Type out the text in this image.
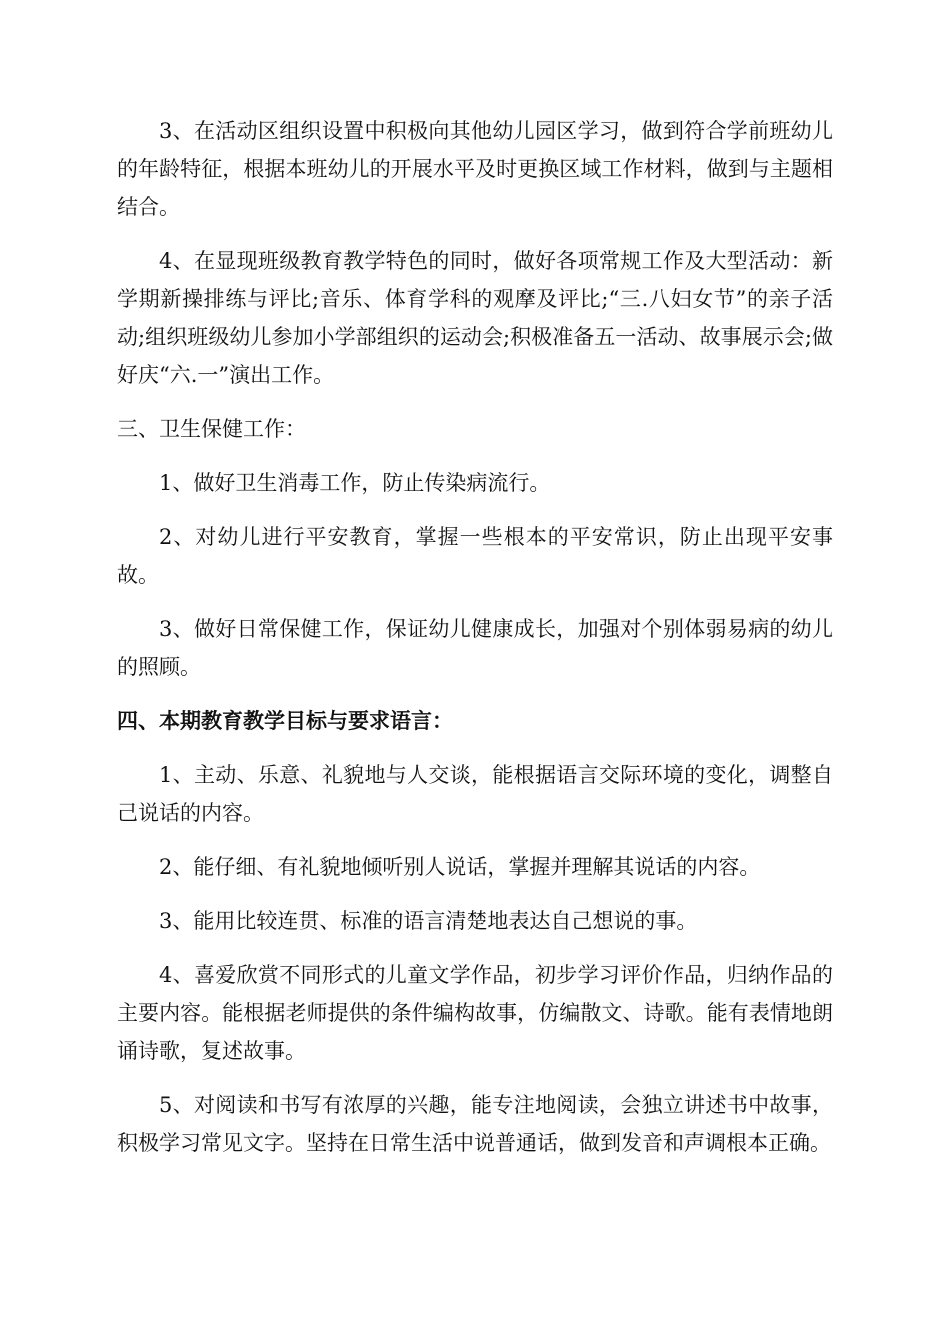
3、在活动区组织设置中积极向其他幼儿园区学习，做到符合学前班幼儿的年龄特征，根据本班幼儿的开展水平及时更换区域工作材料，做到与主题相结合。

4、在显现班级教育教学特色的同时，做好各项常规工作及大型活动：新学期新操排练与评比;音乐、体育学科的观摩及评比;“三.八妇女节”的亲子活动;组织班级幼儿参加小学部组织的运动会;积极准备五一活动、故事展示会;做好庆“六.一”演出工作。

三、卫生保健工作：

1、做好卫生消毒工作，防止传染病流行。

2、对幼儿进行平安教育，掌握一些根本的平安常识，防止出现平安事故。

3、做好日常保健工作，保证幼儿健康成长，加强对个别体弱易病的幼儿的照顾。

四、本期教育教学目标与要求语言：

1、主动、乐意、礼貌地与人交谈，能根据语言交际环境的变化，调整自己说话的内容。

2、能仔细、有礼貌地倾听别人说话，掌握并理解其说话的内容。

3、能用比较连贯、标准的语言清楚地表达自己想说的事。

4、喜爱欣赏不同形式的儿童文学作品，初步学习评价作品，归纳作品的主要内容。能根据老师提供的条件编构故事，仿编散文、诗歌。能有表情地朗诵诗歌，复述故事。

5、对阅读和书写有浓厚的兴趣，能专注地阅读，会独立讲述书中故事，积极学习常见文字。坚持在日常生活中说普通话，做到发音和声调根本正确。
